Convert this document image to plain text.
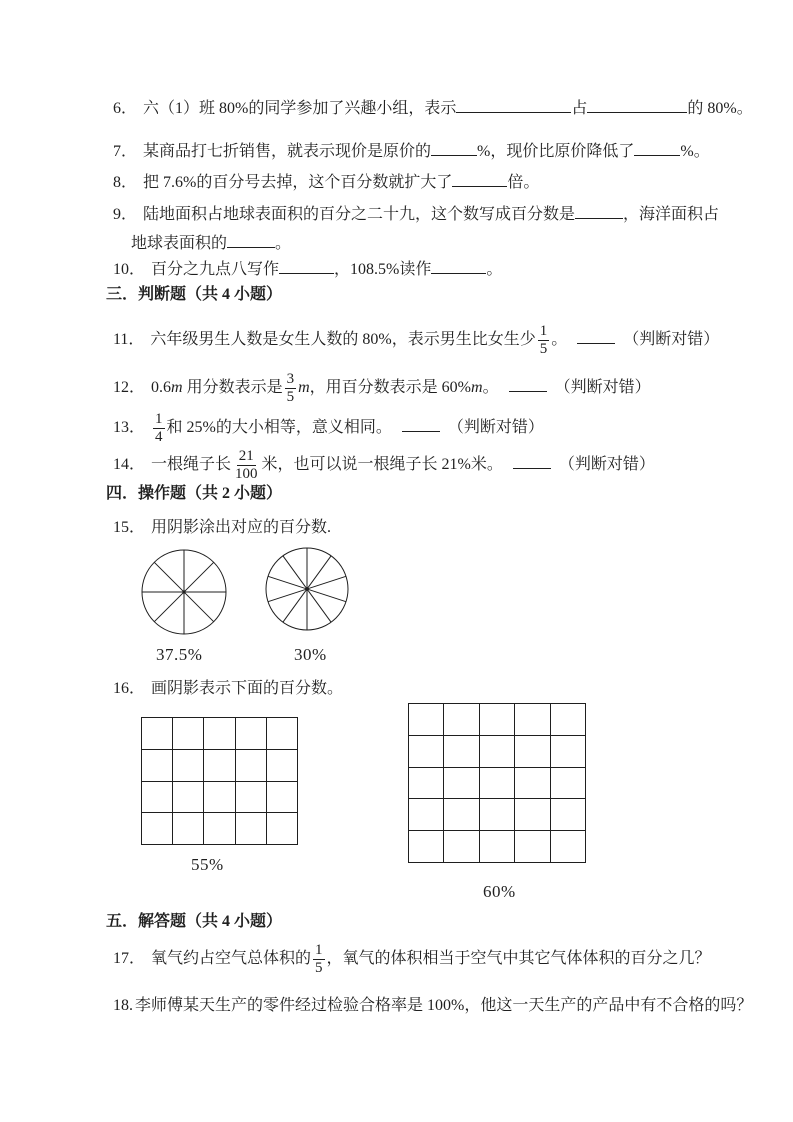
6． 六（1）班 80%的同学参加了兴趣小组，表示	占	的 80%。
7． 某商品打七折销售，就表示现价是原价的	%，现价比原价降低了	%。
8． 把 7.6%的百分号去掉，这个百分数就扩大了	倍。
9． 陆地面积占地球表面积的百分之二十九，这个数写成百分数是	，海洋面积占地球表面积的	。
10． 百分之九点八写作	，108.5%读作	。
三．判断题（共 4 小题）
11． 六年级男生人数是女生人数的 80%，表示男生比女生少 $\frac{1}{5}$ 。	（判断对错）
12． 0.6m 用分数表示是 $\frac{3}{5}$ m，用百分数表示是 60%m。	（判断对错）
13． $\frac{1}{4}$ 和 25%的大小相等，意义相同。	（判断对错）
14． 一根绳子长 $\frac{21}{100}$ 米，也可以说一根绳子长 21%米。	（判断对错）
四．操作题（共 2 小题）
15． 用阴影涂出对应的百分数.
37.5%	30%
16． 画阴影表示下面的百分数。
55%
60%
五．解答题（共 4 小题）
17． 氧气约占空气总体积的 $\frac{1}{5}$ ，氧气的体积相当于空气中其它气体体积的百分之几？
18. 李师傅某天生产的零件经过检验合格率是 100%，他这一天生产的产品中有不合格的吗？
